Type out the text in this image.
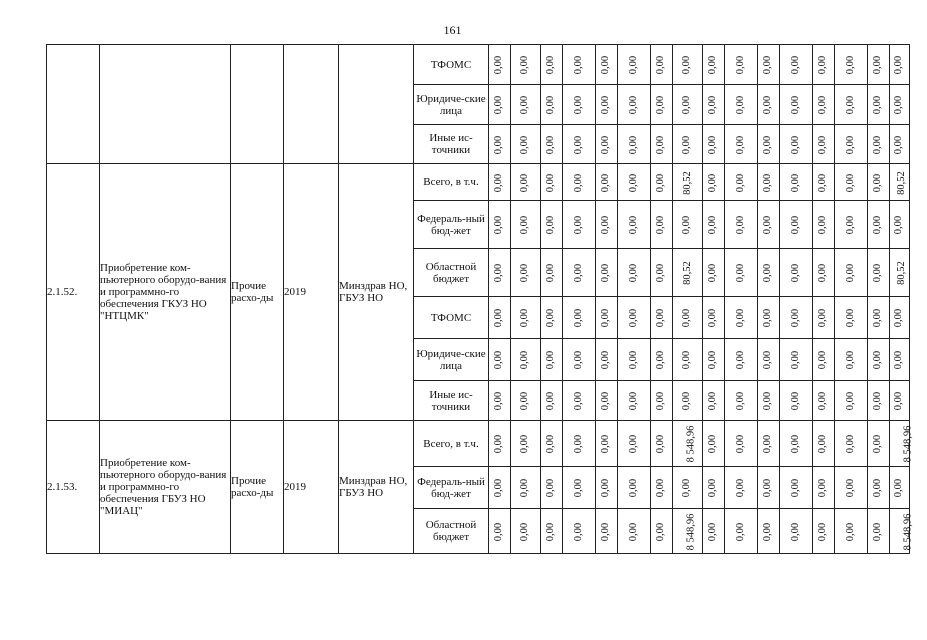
161
					ТФОМС	0,00	0,00	0,00	0,00	0,00	0,00	0,00	0,00	0,00	0,00	0,00	0,00	0,00	0,00	0,00	0,00
					Юридиче-ские лица	0,00	0,00	0,00	0,00	0,00	0,00	0,00	0,00	0,00	0,00	0,00	0,00	0,00	0,00	0,00	0,00
					Иные ис-точники	0,00	0,00	0,00	0,00	0,00	0,00	0,00	0,00	0,00	0,00	0,00	0,00	0,00	0,00	0,00	0,00
2.1.52.	Приобретение ком-пьютерного оборудо-вания и программно-го обеспечения ГКУЗ НО "НТЦМК"	Прочие расхо-ды	2019	Минздрав НО, ГБУЗ НО	Всего, в т.ч.	0,00	0,00	0,00	0,00	0,00	0,00	0,00	80,52	0,00	0,00	0,00	0,00	0,00	0,00	0,00	80,52
					Федераль-ный бюд-жет	0,00	0,00	0,00	0,00	0,00	0,00	0,00	0,00	0,00	0,00	0,00	0,00	0,00	0,00	0,00	0,00
					Областной бюджет	0,00	0,00	0,00	0,00	0,00	0,00	0,00	80,52	0,00	0,00	0,00	0,00	0,00	0,00	0,00	80,52
					ТФОМС	0,00	0,00	0,00	0,00	0,00	0,00	0,00	0,00	0,00	0,00	0,00	0,00	0,00	0,00	0,00	0,00
					Юридиче-ские лица	0,00	0,00	0,00	0,00	0,00	0,00	0,00	0,00	0,00	0,00	0,00	0,00	0,00	0,00	0,00	0,00
					Иные ис-точники	0,00	0,00	0,00	0,00	0,00	0,00	0,00	0,00	0,00	0,00	0,00	0,00	0,00	0,00	0,00	0,00
2.1.53.	Приобретение ком-пьютерного оборудо-вания и программно-го обеспечения ГБУЗ НО "МИАЦ"	Прочие расхо-ды	2019	Минздрав НО, ГБУЗ НО	Всего, в т.ч.	0,00	0,00	0,00	0,00	0,00	0,00	0,00	8 548,96	0,00	0,00	0,00	0,00	0,00	0,00	0,00	8 548,96
					Федераль-ный бюд-жет	0,00	0,00	0,00	0,00	0,00	0,00	0,00	0,00	0,00	0,00	0,00	0,00	0,00	0,00	0,00	0,00
					Областной бюджет	0,00	0,00	0,00	0,00	0,00	0,00	0,00	8 548,96	0,00	0,00	0,00	0,00	0,00	0,00	0,00	8 548,96
